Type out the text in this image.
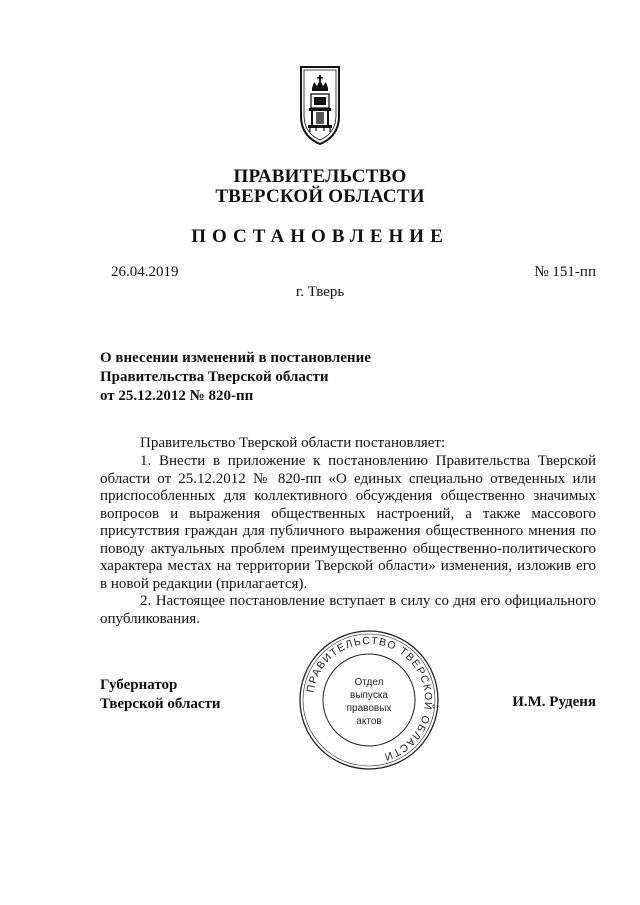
ПРАВИТЕЛЬСТВО
ТВЕРСКОЙ ОБЛАСТИ
ПОСТАНОВЛЕНИЕ
26.04.2019	№ 151-пп
г. Тверь
О внесении изменений в постановление
Правительства Тверской области
от 25.12.2012 № 820-пп
Правительство Тверской области постановляет:
1. Внести в приложение к постановлению Правительства Тверской области от 25.12.2012 № 820-пп «О единых специально отведенных или приспособленных для коллективного обсуждения общественно значимых вопросов и выражения общественных настроений, а также массового присутствия граждан для публичного выражения общественного мнения по поводу актуальных проблем преимущественно общественно-политического характера местах на территории Тверской области» изменения, изложив его в новой редакции (прилагается).
2. Настоящее постановление вступает в силу со дня его официального опубликования.
Губернатор
Тверской области	И.М. Руденя
ПРАВИТЕЛЬСТВО ТВЕРСКОЙ ОБЛАСТИ
Отдел
выпуска
правовых
актов
